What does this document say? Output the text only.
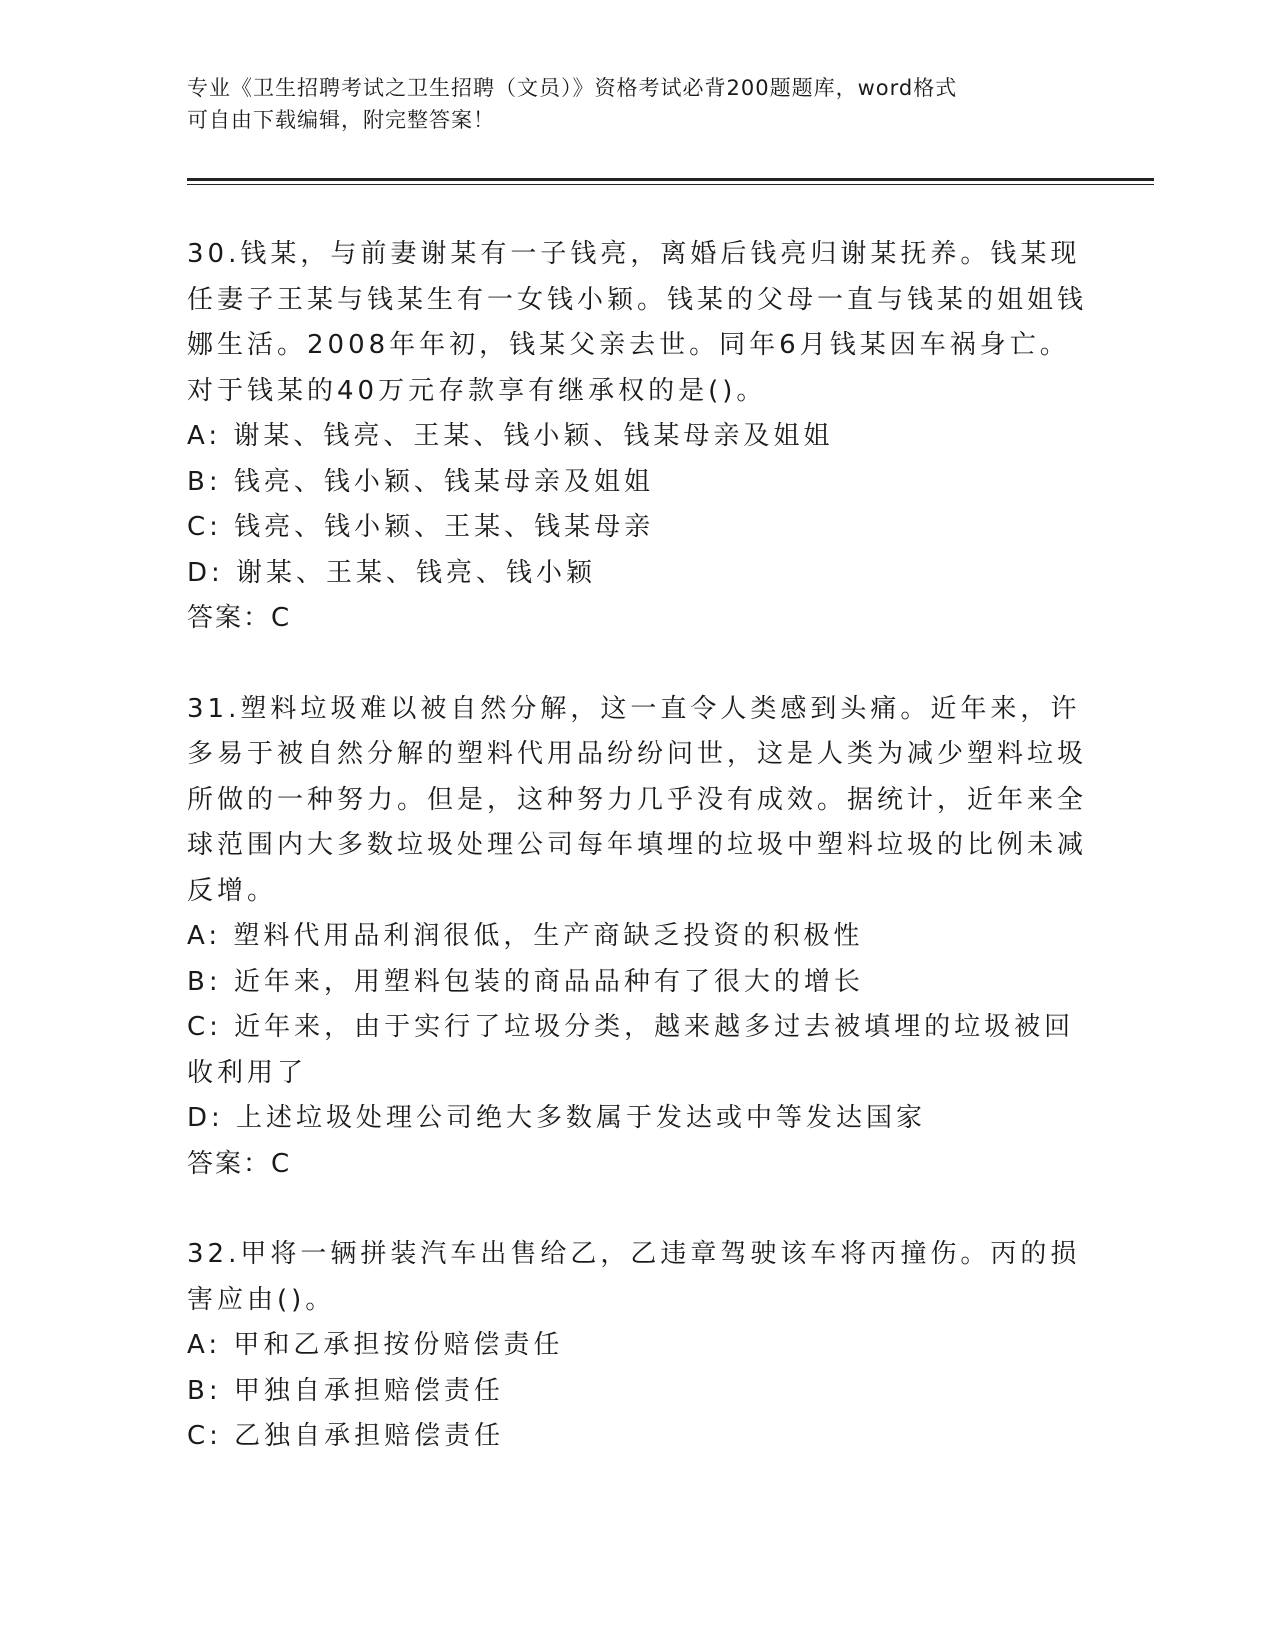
专业《卫生招聘考试之卫生招聘（文员）》资格考试必背200题题库，word格式
可自由下载编辑，附完整答案！

30.钱某，与前妻谢某有一子钱亮，离婚后钱亮归谢某抚养。钱某现任妻子王某与钱某生有一女钱小颖。钱某的父母一直与钱某的姐姐钱娜生活。2008年年初，钱某父亲去世。同年6月钱某因车祸身亡。对于钱某的40万元存款享有继承权的是()。

A: 谢某、钱亮、王某、钱小颖、钱某母亲及姐姐

B: 钱亮、钱小颖、钱某母亲及姐姐

C: 钱亮、钱小颖、王某、钱某母亲

D: 谢某、王某、钱亮、钱小颖

答案：C

31.塑料垃圾难以被自然分解，这一直令人类感到头痛。近年来，许多易于被自然分解的塑料代用品纷纷问世，这是人类为减少塑料垃圾所做的一种努力。但是，这种努力几乎没有成效。据统计，近年来全球范围内大多数垃圾处理公司每年填埋的垃圾中塑料垃圾的比例未减反增。

A: 塑料代用品利润很低，生产商缺乏投资的积极性

B: 近年来，用塑料包装的商品品种有了很大的增长

C: 近年来，由于实行了垃圾分类，越来越多过去被填埋的垃圾被回收利用了

D: 上述垃圾处理公司绝大多数属于发达或中等发达国家

答案：C

32.甲将一辆拼装汽车出售给乙，乙违章驾驶该车将丙撞伤。丙的损害应由()。

A: 甲和乙承担按份赔偿责任

B: 甲独自承担赔偿责任

C: 乙独自承担赔偿责任
